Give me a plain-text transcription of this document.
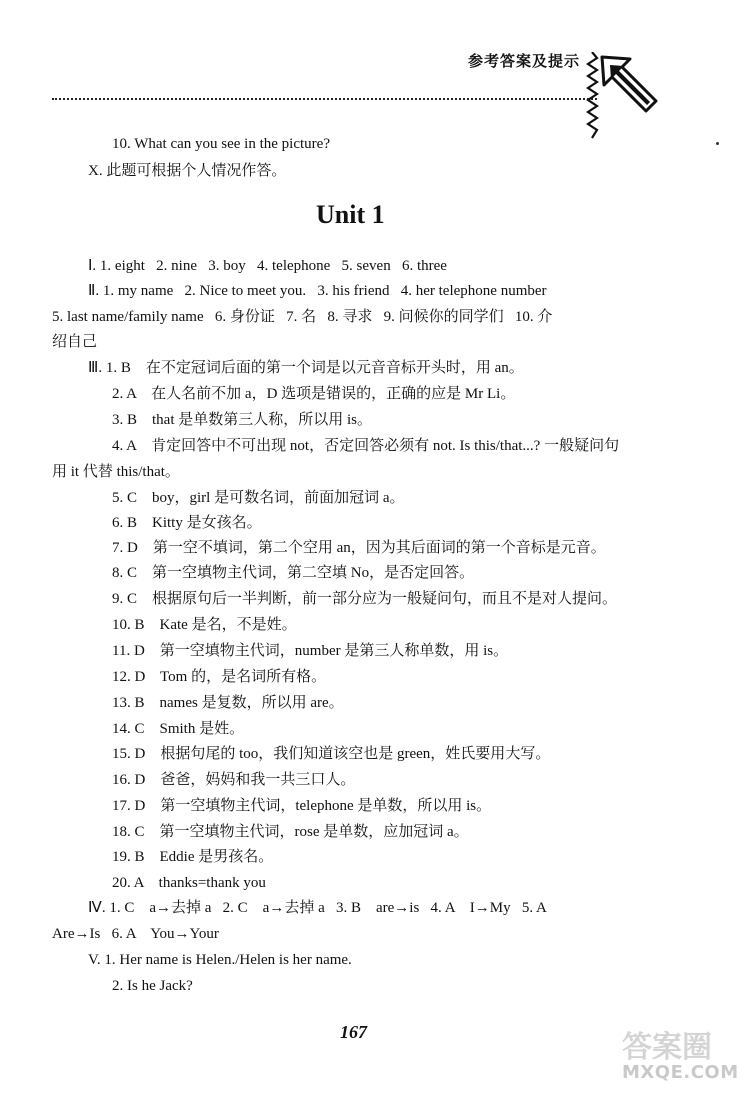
参考答案及提示
10. What can you see in the picture?
X. 此题可根据个人情况作答。
Unit 1
Ⅰ. 1. eight   2. nine   3. boy   4. telephone   5. seven   6. three
Ⅱ. 1. my name   2. Nice to meet you.   3. his friend   4. her telephone number
5. last name/family name   6. 身份证   7. 名   8. 寻求   9. 问候你的同学们   10. 介
绍自己
Ⅲ. 1. B    在不定冠词后面的第一个词是以元音音标开头时，用 an。
2. A    在人名前不加 a，D 选项是错误的，正确的应是 Mr Li。
3. B    that 是单数第三人称，所以用 is。
4. A    肯定回答中不可出现 not，否定回答必须有 not. Is this/that...? 一般疑问句
用 it 代替 this/that。
5. C    boy，girl 是可数名词，前面加冠词 a。
6. B    Kitty 是女孩名。
7. D    第一空不填词，第二个空用 an，因为其后面词的第一个音标是元音。
8. C    第一空填物主代词，第二空填 No，是否定回答。
9. C    根据原句后一半判断，前一部分应为一般疑问句，而且不是对人提问。
10. B    Kate 是名，不是姓。
11. D    第一空填物主代词，number 是第三人称单数，用 is。
12. D    Tom 的，是名词所有格。
13. B    names 是复数，所以用 are。
14. C    Smith 是姓。
15. D    根据句尾的 too，我们知道该空也是 green，姓氏要用大写。
16. D    爸爸，妈妈和我一共三口人。
17. D    第一空填物主代词，telephone 是单数，所以用 is。
18. C    第一空填物主代词，rose 是单数，应加冠词 a。
19. B    Eddie 是男孩名。
20. A    thanks=thank you
Ⅳ. 1. C    a→去掉 a   2. C    a→去掉 a   3. B    are→is   4. A    I→My   5. A
Are→Is   6. A    You→Your
V. 1. Her name is Helen./Helen is her name.
2. Is he Jack?
167	答案圈
MXQE.COM
